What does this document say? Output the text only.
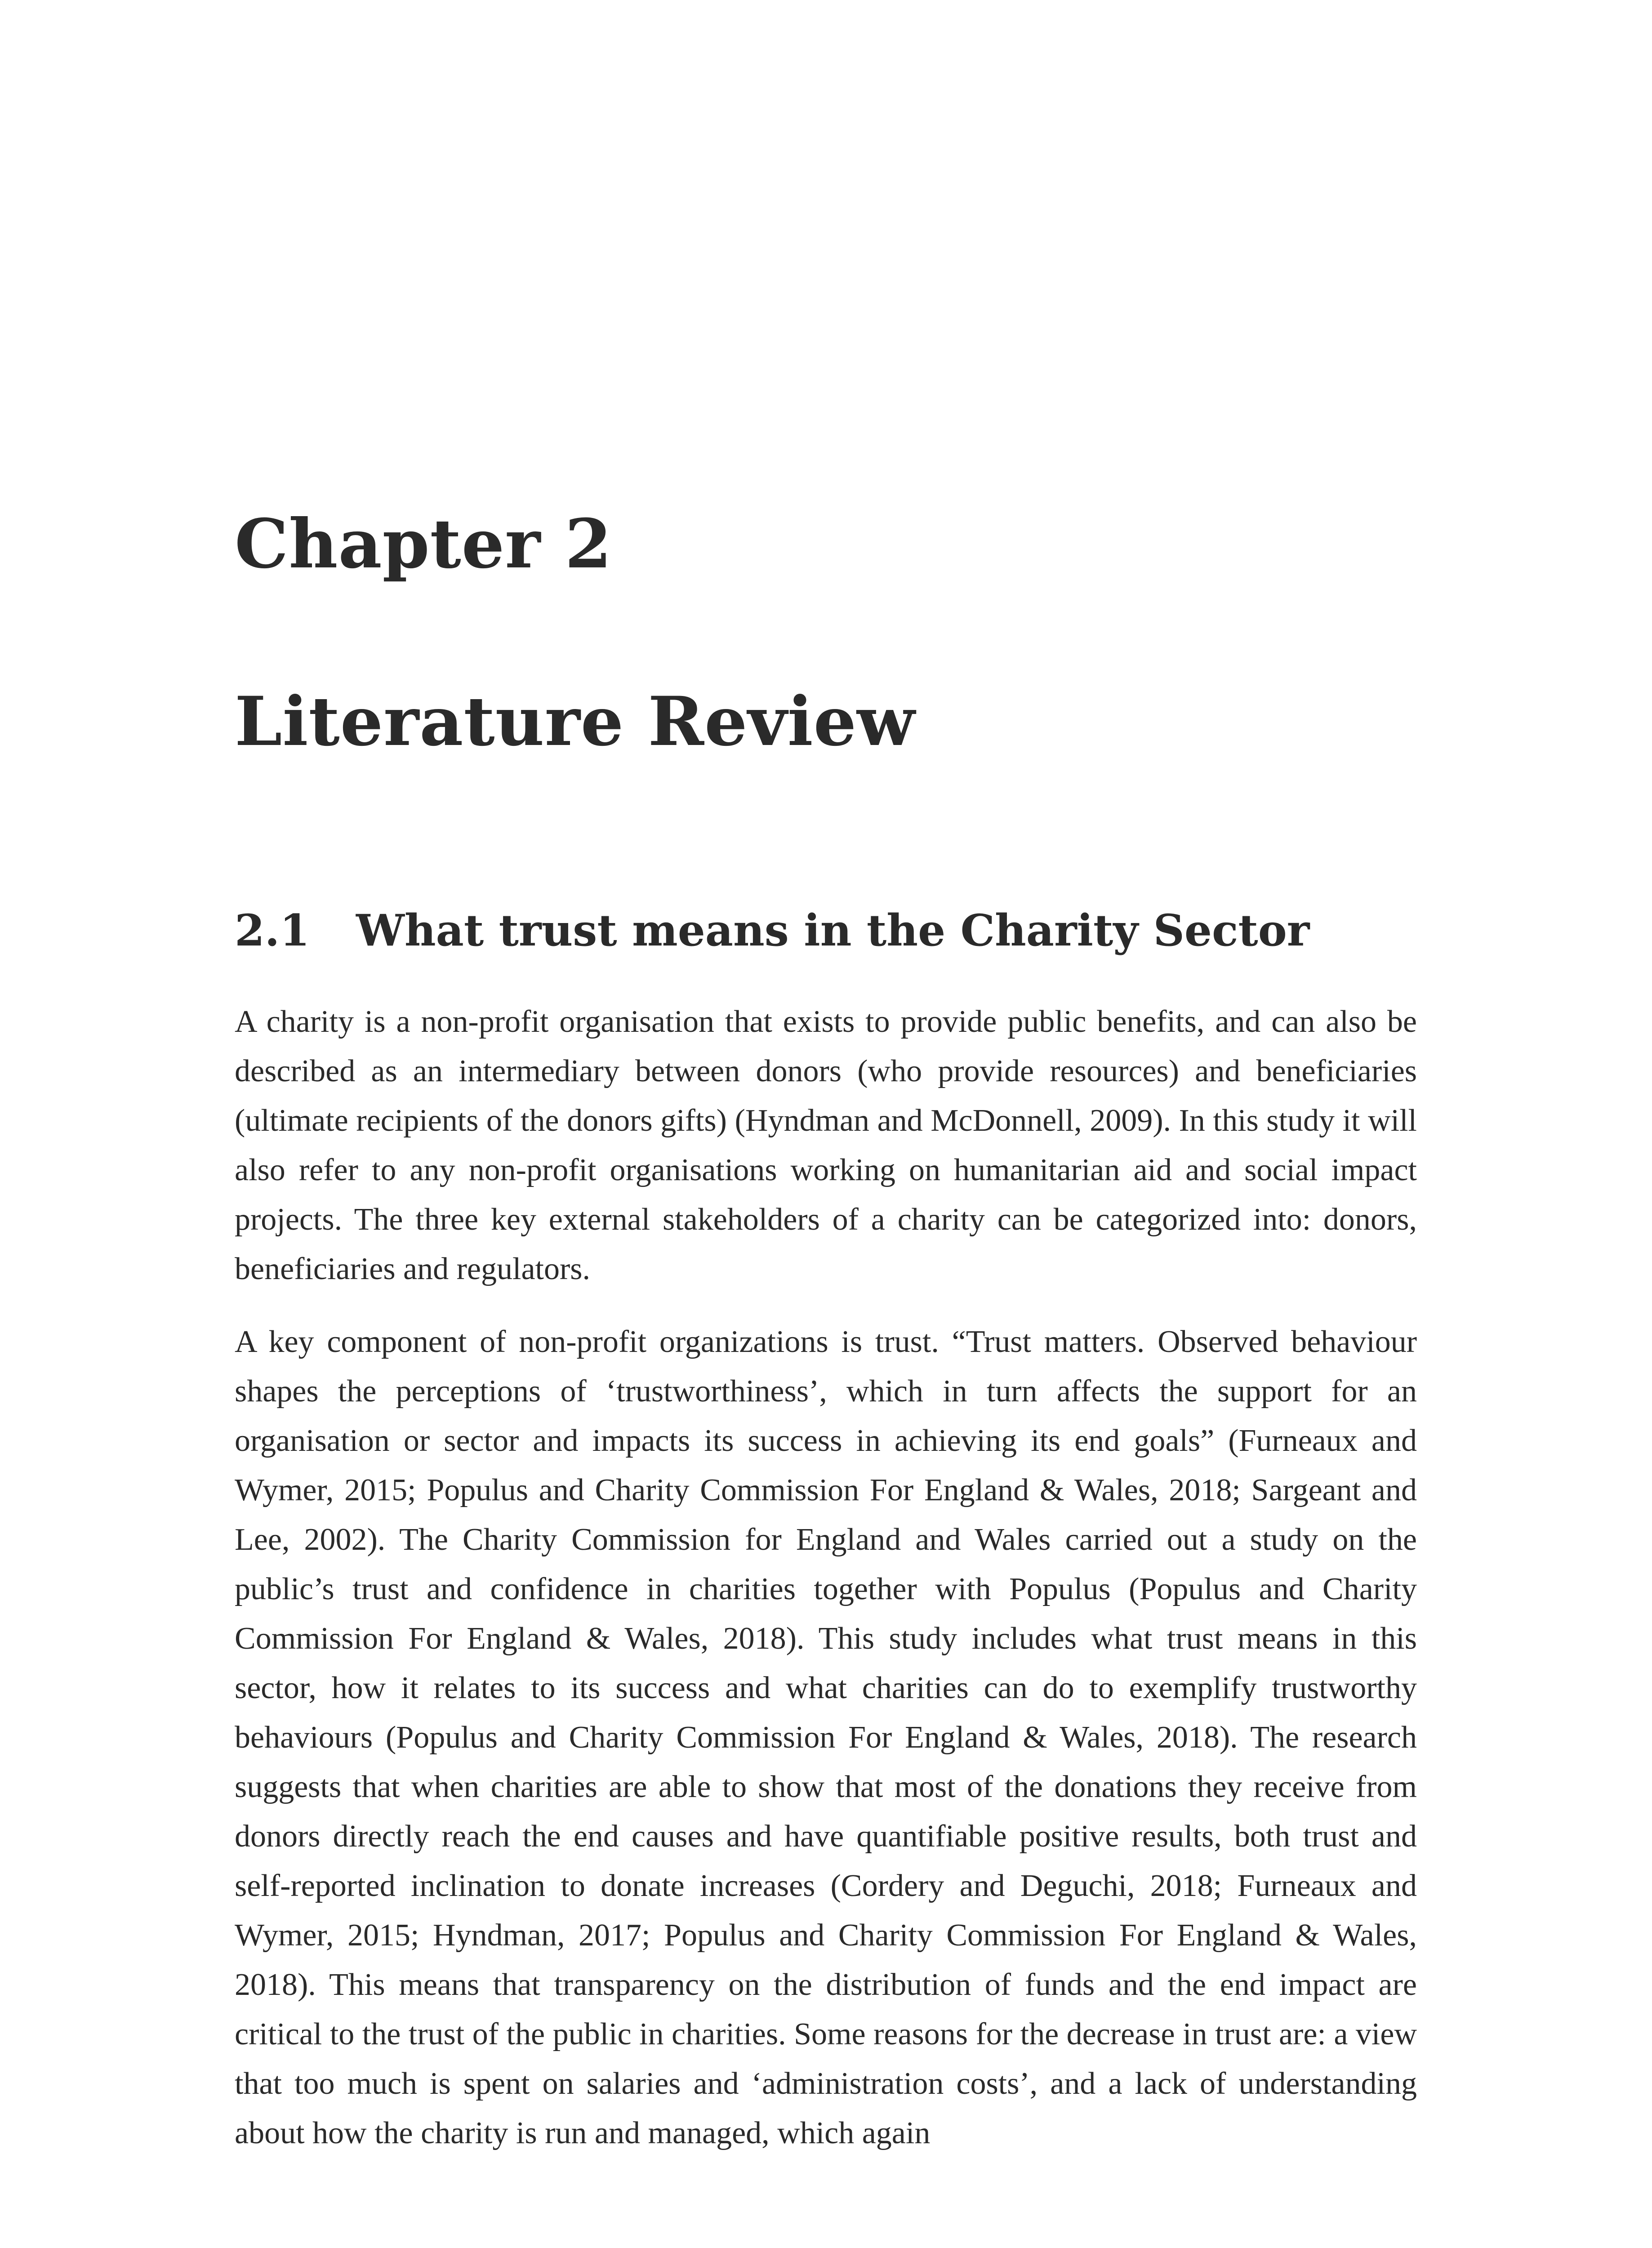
Chapter 2
Literature Review
2.1 What trust means in the Charity Sector

A charity is a non-profit organisation that exists to provide public benefits, and can also be described as an intermediary between donors (who provide resources) and beneficiaries (ultimate recipients of the donors gifts) (Hyndman and McDonnell, 2009). In this study it will also refer to any non-profit organisations working on humanitarian aid and social impact projects. The three key external stakeholders of a charity can be categorized into: donors, beneficiaries and regulators.

A key component of non-profit organizations is trust. “Trust matters. Observed behaviour shapes the perceptions of ‘trustworthiness’, which in turn affects the support for an organisation or sector and impacts its success in achieving its end goals” (Furneaux and Wymer, 2015; Populus and Charity Commission For England & Wales, 2018; Sargeant and Lee, 2002). The Charity Commission for England and Wales carried out a study on the public’s trust and confidence in charities together with Populus (Populus and Charity Commission For England & Wales, 2018). This study includes what trust means in this sector, how it relates to its success and what charities can do to exemplify trustworthy behaviours (Populus and Charity Commission For England & Wales, 2018). The research suggests that when charities are able to show that most of the donations they receive from donors directly reach the end causes and have quantifiable positive results, both trust and self-reported inclination to donate increases (Cordery and Deguchi, 2018; Furneaux and Wymer, 2015; Hyndman, 2017; Populus and Charity Commission For England & Wales, 2018). This means that transparency on the distribution of funds and the end impact are critical to the trust of the public in charities. Some reasons for the decrease in trust are: a view that too much is spent on salaries and ‘administration costs’, and a lack of understanding about how the charity is run and managed, which again
